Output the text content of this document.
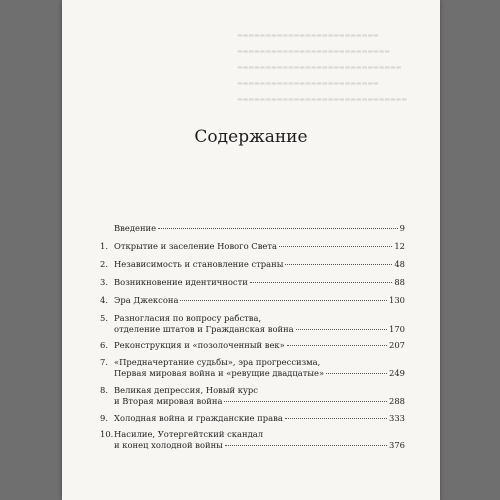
▬▬▬▬▬▬▬▬▬▬▬▬▬▬▬▬▬▬▬▬▬▬▬▬▬
▬▬▬▬▬▬▬▬▬▬▬▬▬▬▬▬▬▬▬▬▬▬▬▬▬▬▬
▬▬▬▬▬▬▬▬▬▬▬▬▬▬▬▬▬▬▬▬▬▬▬▬▬▬▬▬▬
▬▬▬▬▬▬▬▬▬▬▬▬▬▬▬▬▬▬▬▬▬▬▬▬▬
▬▬▬▬▬▬▬▬▬▬▬▬▬▬▬▬▬▬▬▬▬▬▬▬▬▬▬▬▬▬
Содержание
Введение	9
1. Открытие и заселение Нового Света	12
2. Независимость и становление страны	48
3. Возникновение идентичности	88
4. Эра Джексона	130
5. Разногласия по вопросу рабства,
отделение штатов и Гражданская война	170
6. Реконструкция и «позолоченный век»	207
7. «Предначертание судьбы», эра прогрессизма,
Первая мировая война и «ревущие двадцатые»	249
8. Великая депрессия, Новый курс
и Вторая мировая война	288
9. Холодная война и гражданские права	333
10. Насилие, Уотергейтский скандал
и конец холодной войны	376
